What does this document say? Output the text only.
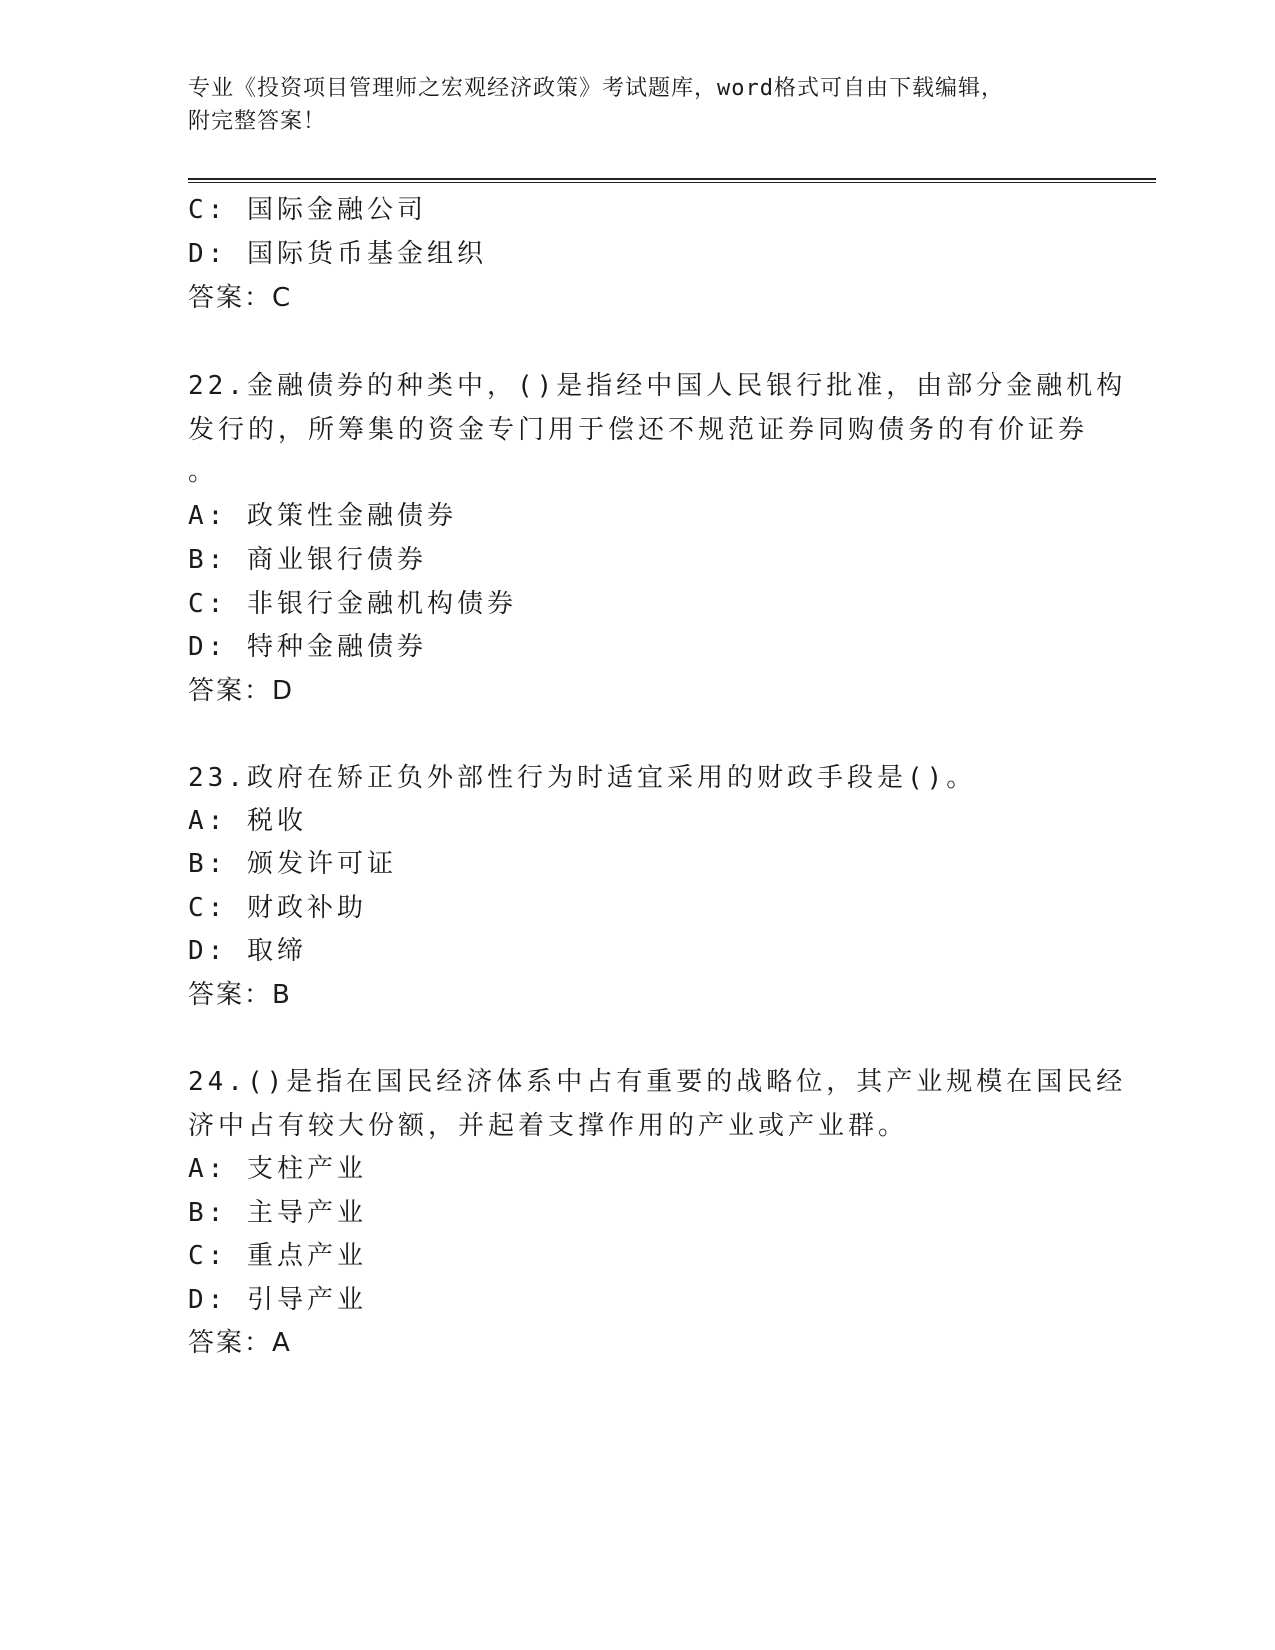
专业《投资项目管理师之宏观经济政策》考试题库，word格式可自由下载编辑，
附完整答案！
C: 国际金融公司
D: 国际货币基金组织
答案：C
22.金融债券的种类中，()是指经中国人民银行批准，由部分金融机构
发行的，所筹集的资金专门用于偿还不规范证券同购债务的有价证券
。
A: 政策性金融债券
B: 商业银行债券
C: 非银行金融机构债券
D: 特种金融债券
答案：D
23.政府在矫正负外部性行为时适宜采用的财政手段是()。
A: 税收
B: 颁发许可证
C: 财政补助
D: 取缔
答案：B
24.()是指在国民经济体系中占有重要的战略位，其产业规模在国民经
济中占有较大份额，并起着支撑作用的产业或产业群。
A: 支柱产业
B: 主导产业
C: 重点产业
D: 引导产业
答案：A
